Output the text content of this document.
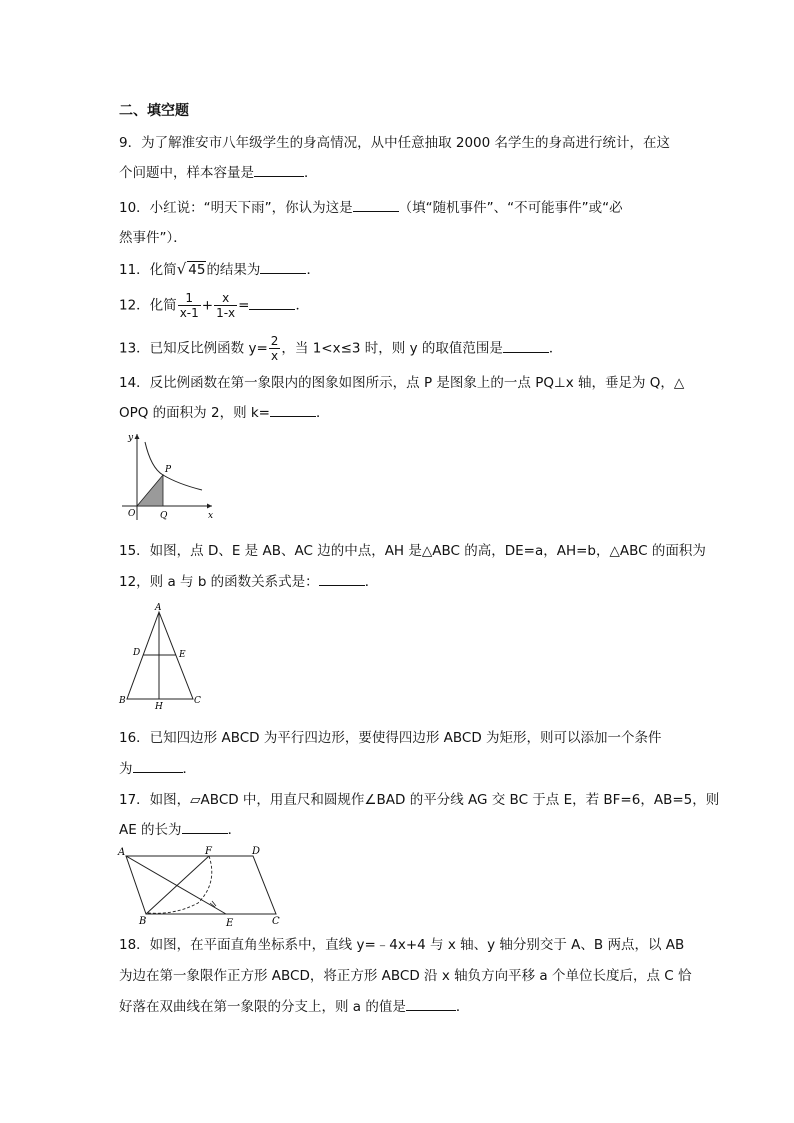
二、填空题
9．为了解淮安市八年级学生的身高情况，从中任意抽取 2000 名学生的身高进行统计，在这
个问题中，样本容量是	．
10．小红说：“明天下雨”，你认为这是	（填“随机事件”、“不可能事件”或“必
然事件”）．
11．化简√ 45的结果为	．
12．化简 $\frac{1}{x-1} + \frac{x}{1-x}$ =	．
13．已知反比例函数 $y= \frac{2}{x}$ ，当 1<x≤3 时，则 y 的取值范围是	．
14．反比例函数在第一象限内的图象如图所示，点 P 是图象上的一点 PQ⊥x 轴，垂足为 Q，△
OPQ 的面积为 2，则 k=	．
y
x
O	Q
P
15．如图，点 D、E 是 AB、AC 边的中点，AH 是△ABC 的高，DE=a，AH=b，△ABC 的面积为
12，则 a 与 b 的函数关系式是：	．
A
D	E
B
H
C
16．已知四边形 ABCD 为平行四边形，要使得四边形 ABCD 为矩形，则可以添加一个条件
为	．
17．如图，▱ABCD 中，用直尺和圆规作∠BAD 的平分线 AG 交 BC 于点 E，若 BF=6，AB=5，则
AE 的长为	．
A	F	D
B	E	C
18．如图，在平面直角坐标系中，直线 y=﹣4x+4 与 x 轴、y 轴分别交于 A、B 两点，以 AB
为边在第一象限作正方形 ABCD，将正方形 ABCD 沿 x 轴负方向平移 a 个单位长度后，点 C 恰
好落在双曲线在第一象限的分支上，则 a 的值是	．
